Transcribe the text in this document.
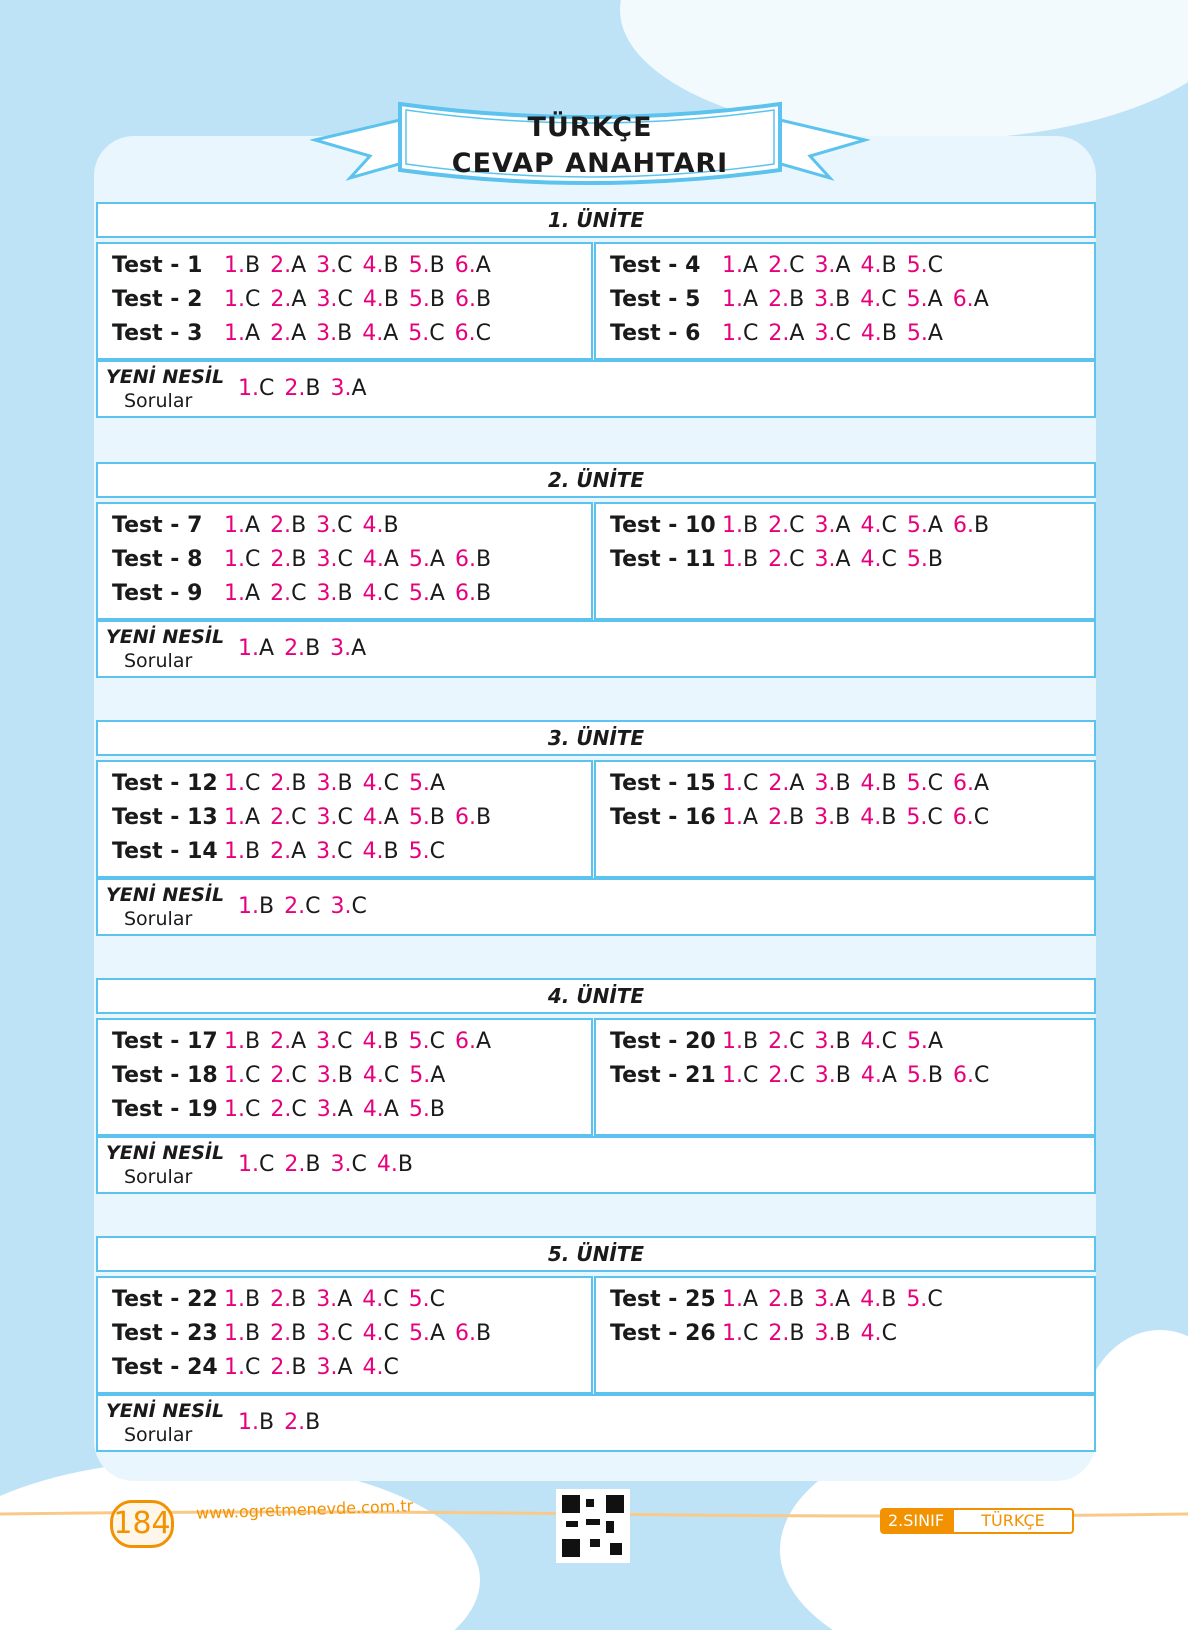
TÜRKÇE
CEVAP ANAHTARI
1. ÜNİTE
Test - 1 1.B 2.A 3.C 4.B 5.B 6.A
Test - 2 1.C 2.A 3.C 4.B 5.B 6.B
Test - 3 1.A 2.A 3.B 4.A 5.C 6.C
Test - 4 1.A 2.C 3.A 4.B 5.C
Test - 5 1.A 2.B 3.B 4.C 5.A 6.A
Test - 6 1.C 2.A 3.C 4.B 5.A
YENİ NESİL
Sorular 1.C 2.B 3.A
2. ÜNİTE
Test - 7 1.A 2.B 3.C 4.B
Test - 8 1.C 2.B 3.C 4.A 5.A 6.B
Test - 9 1.A 2.C 3.B 4.C 5.A 6.B
Test - 10 1.B 2.C 3.A 4.C 5.A 6.B
Test - 11 1.B 2.C 3.A 4.C 5.B
YENİ NESİL
Sorular 1.A 2.B 3.A
3. ÜNİTE
Test - 12 1.C 2.B 3.B 4.C 5.A
Test - 13 1.A 2.C 3.C 4.A 5.B 6.B
Test - 14 1.B 2.A 3.C 4.B 5.C
Test - 15 1.C 2.A 3.B 4.B 5.C 6.A
Test - 16 1.A 2.B 3.B 4.B 5.C 6.C
YENİ NESİL
Sorular 1.B 2.C 3.C
4. ÜNİTE
Test - 17 1.B 2.A 3.C 4.B 5.C 6.A
Test - 18 1.C 2.C 3.B 4.C 5.A
Test - 19 1.C 2.C 3.A 4.A 5.B
Test - 20 1.B 2.C 3.B 4.C 5.A
Test - 21 1.C 2.C 3.B 4.A 5.B 6.C
YENİ NESİL
Sorular 1.C 2.B 3.C 4.B
5. ÜNİTE
Test - 22 1.B 2.B 3.A 4.C 5.C
Test - 23 1.B 2.B 3.C 4.C 5.A 6.B
Test - 24 1.C 2.B 3.A 4.C
Test - 25 1.A 2.B 3.A 4.B 5.C
Test - 26 1.C 2.B 3.B 4.C
YENİ NESİL
Sorular 1.B 2.B
184 www.ogretmenevde.com.tr	2.SINIF	TÜRKÇE
